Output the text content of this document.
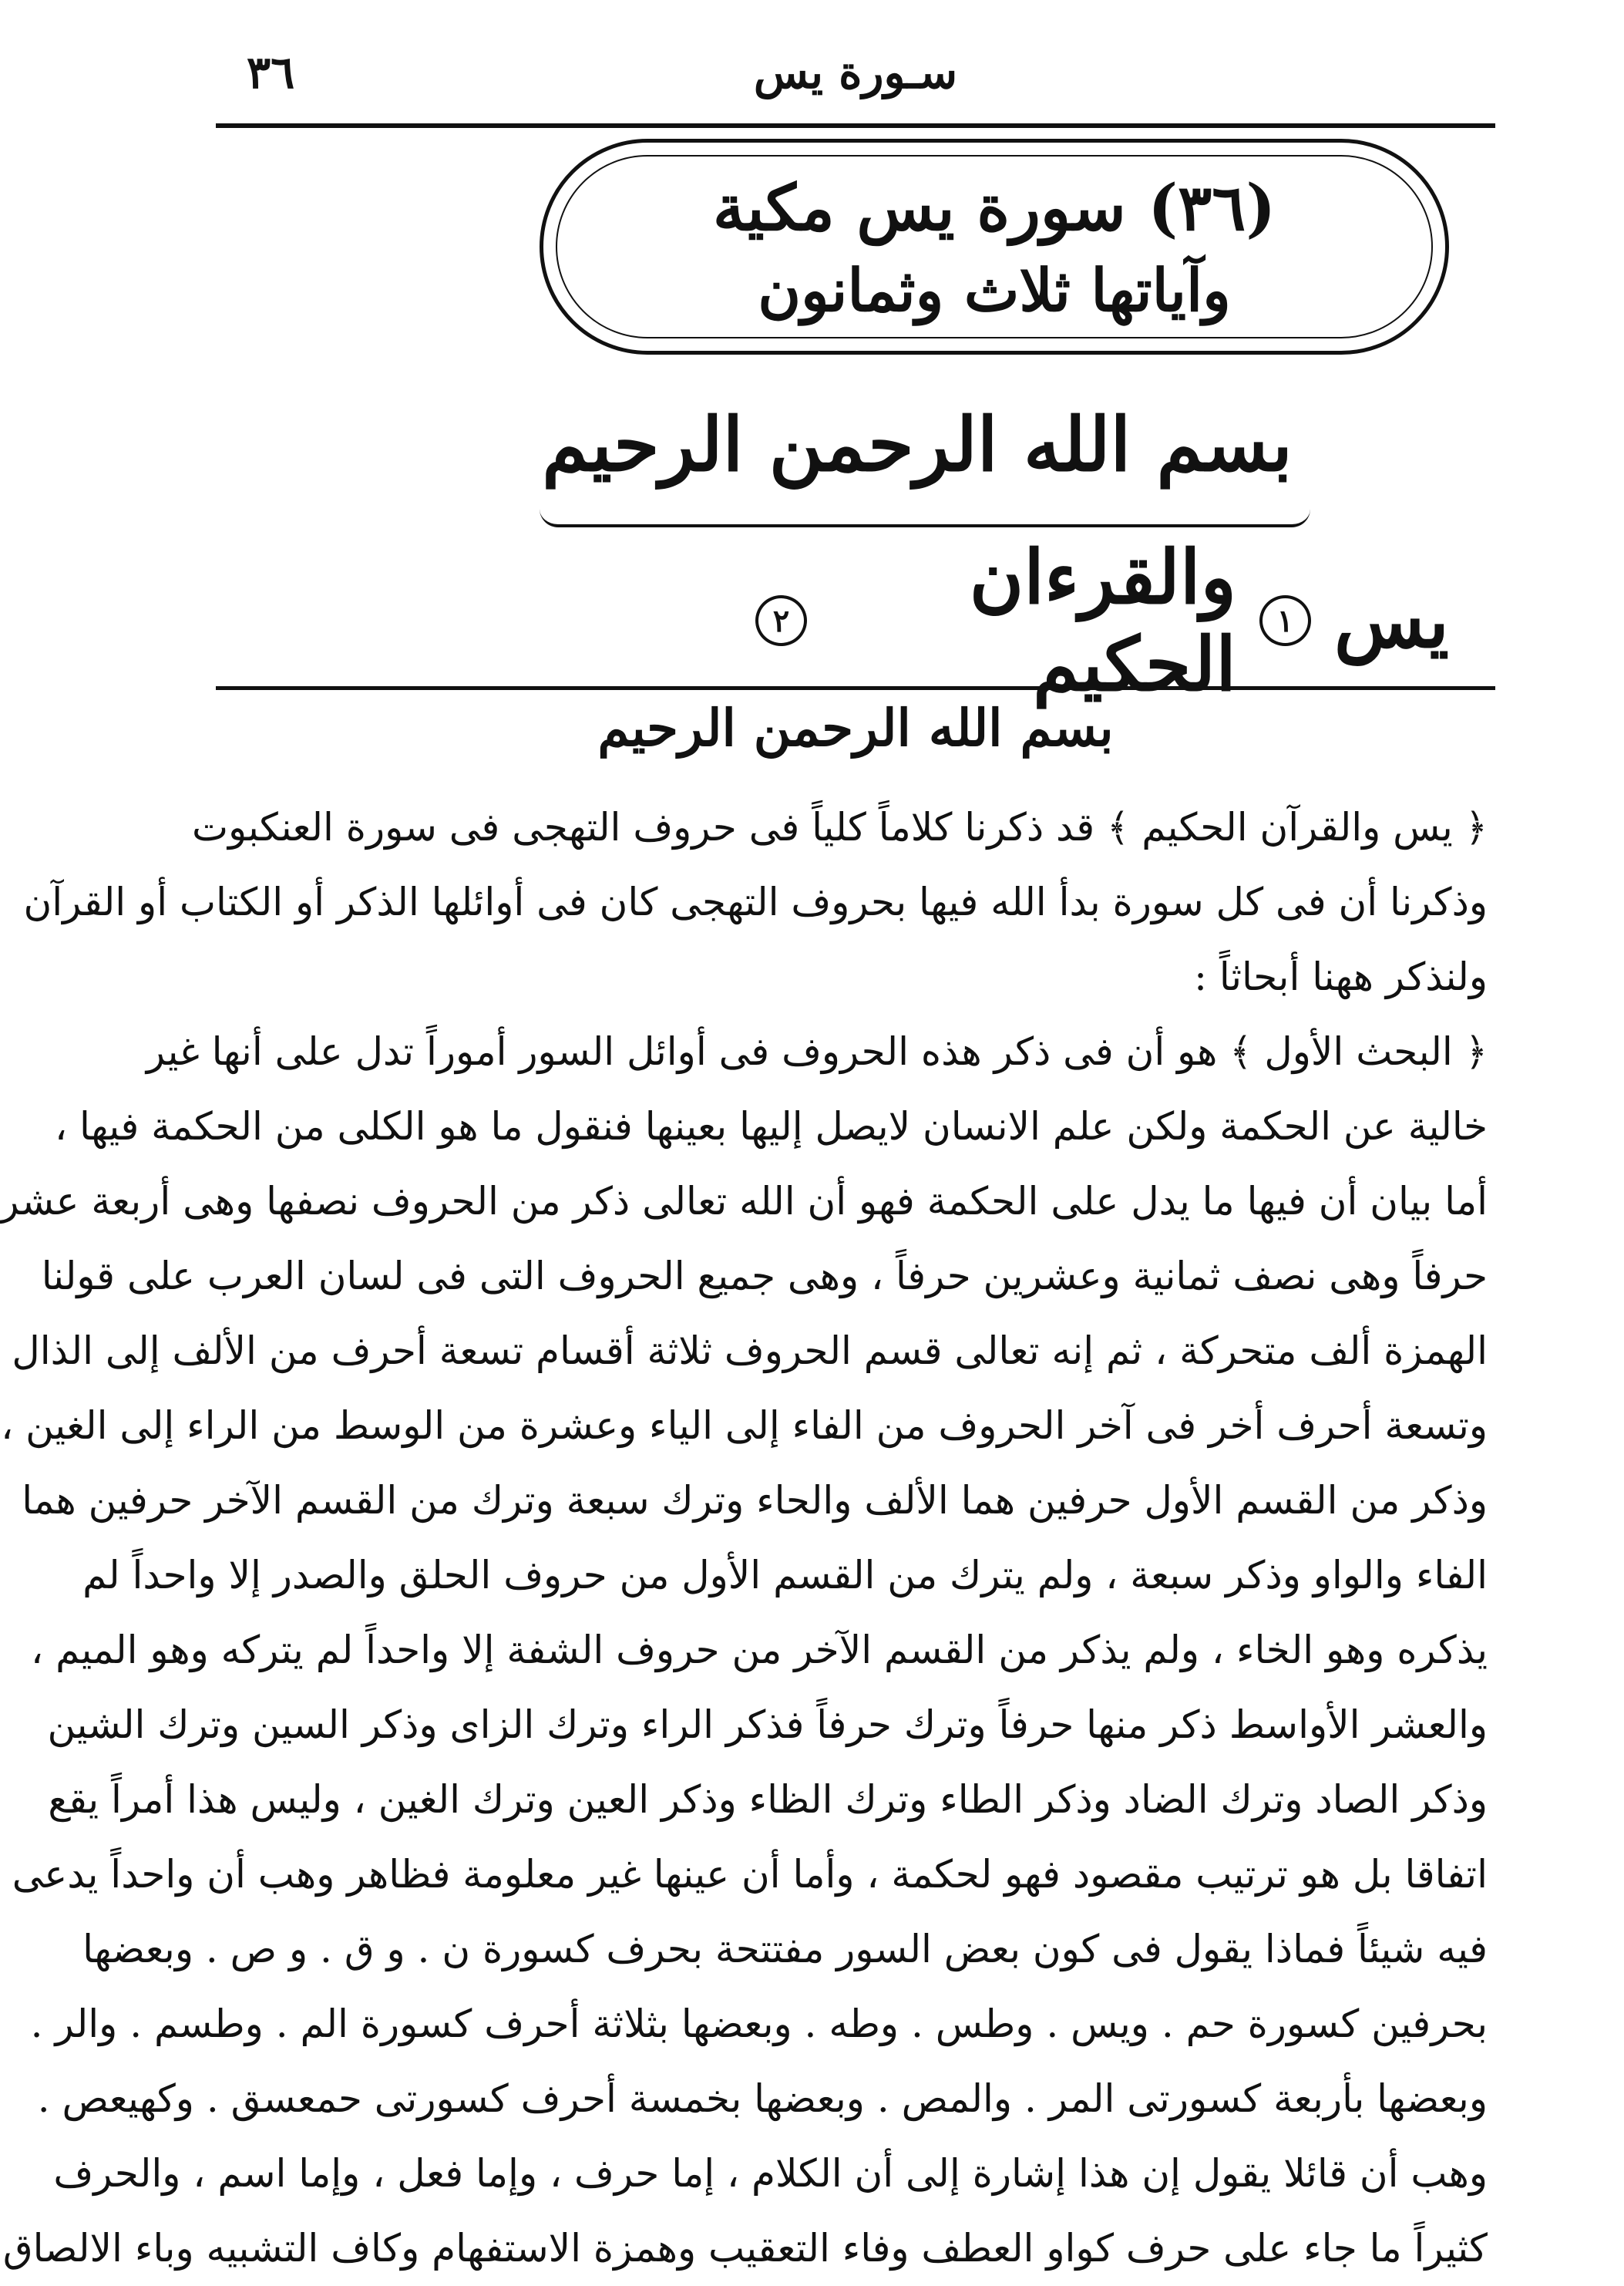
٣٦	سـورة يس
(٣٦) سورة يس مكية
وآياتها ثلاث وثمانون
بسم الله الرحمن الرحيم
يس
١
والقرءان الحكيم
٢
بسم الله الرحمن الرحيم
﴿ يس والقرآن الحكيم ﴾ قد ذكرنا كلاماً كلياً فى حروف التهجى فى سورة العنكبوت
وذكرنا أن فى كل سورة بدأ الله فيها بحروف التهجى كان فى أوائلها الذكر أو الكتاب أو القرآن
ولنذكر ههنا أبحاثاً :
﴿ البحث الأول ﴾ هو أن فى ذكر هذه الحروف فى أوائل السور أموراً تدل على أنها غير
خالية عن الحكمة ولكن علم الانسان لايصل إليها بعينها فنقول ما هو الكلى من الحكمة فيها ،
أما بيان أن فيها ما يدل على الحكمة فهو أن الله تعالى ذكر من الحروف نصفها وهى أربعة عشر
حرفاً وهى نصف ثمانية وعشرين حرفاً ، وهى جميع الحروف التى فى لسان العرب على قولنا
الهمزة ألف متحركة ، ثم إنه تعالى قسم الحروف ثلاثة أقسام تسعة أحرف من الألف إلى الذال
وتسعة أحرف أخر فى آخر الحروف من الفاء إلى الياء وعشرة من الوسط من الراء إلى الغين ،
وذكر من القسم الأول حرفين هما الألف والحاء وترك سبعة وترك من القسم الآخر حرفين هما
الفاء والواو وذكر سبعة ، ولم يترك من القسم الأول من حروف الحلق والصدر إلا واحداً لم
يذكره وهو الخاء ، ولم يذكر من القسم الآخر من حروف الشفة إلا واحداً لم يتركه وهو الميم ،
والعشر الأواسط ذكر منها حرفاً وترك حرفاً فذكر الراء وترك الزاى وذكر السين وترك الشين
وذكر الصاد وترك الضاد وذكر الطاء وترك الظاء وذكر العين وترك الغين ، وليس هذا أمراً يقع
اتفاقا بل هو ترتيب مقصود فهو لحكمة ، وأما أن عينها غير معلومة فظاهر وهب أن واحداً يدعى
فيه شيئاً فماذا يقول فى كون بعض السور مفتتحة بحرف كسورة ن . و ق . و ص . وبعضها
بحرفين كسورة حم . ويس . وطس . وطه . وبعضها بثلاثة أحرف كسورة الم . وطسم . والر .
وبعضها بأربعة كسورتى المر . والمص . وبعضها بخمسة أحرف كسورتى حمعسق . وكهيعص .
وهب أن قائلا يقول إن هذا إشارة إلى أن الكلام ، إما حرف ، وإما فعل ، وإما اسم ، والحرف
كثيراً ما جاء على حرف كواو العطف وفاء التعقيب وهمزة الاستفهام وكاف التشبيه وباء الالصاق
